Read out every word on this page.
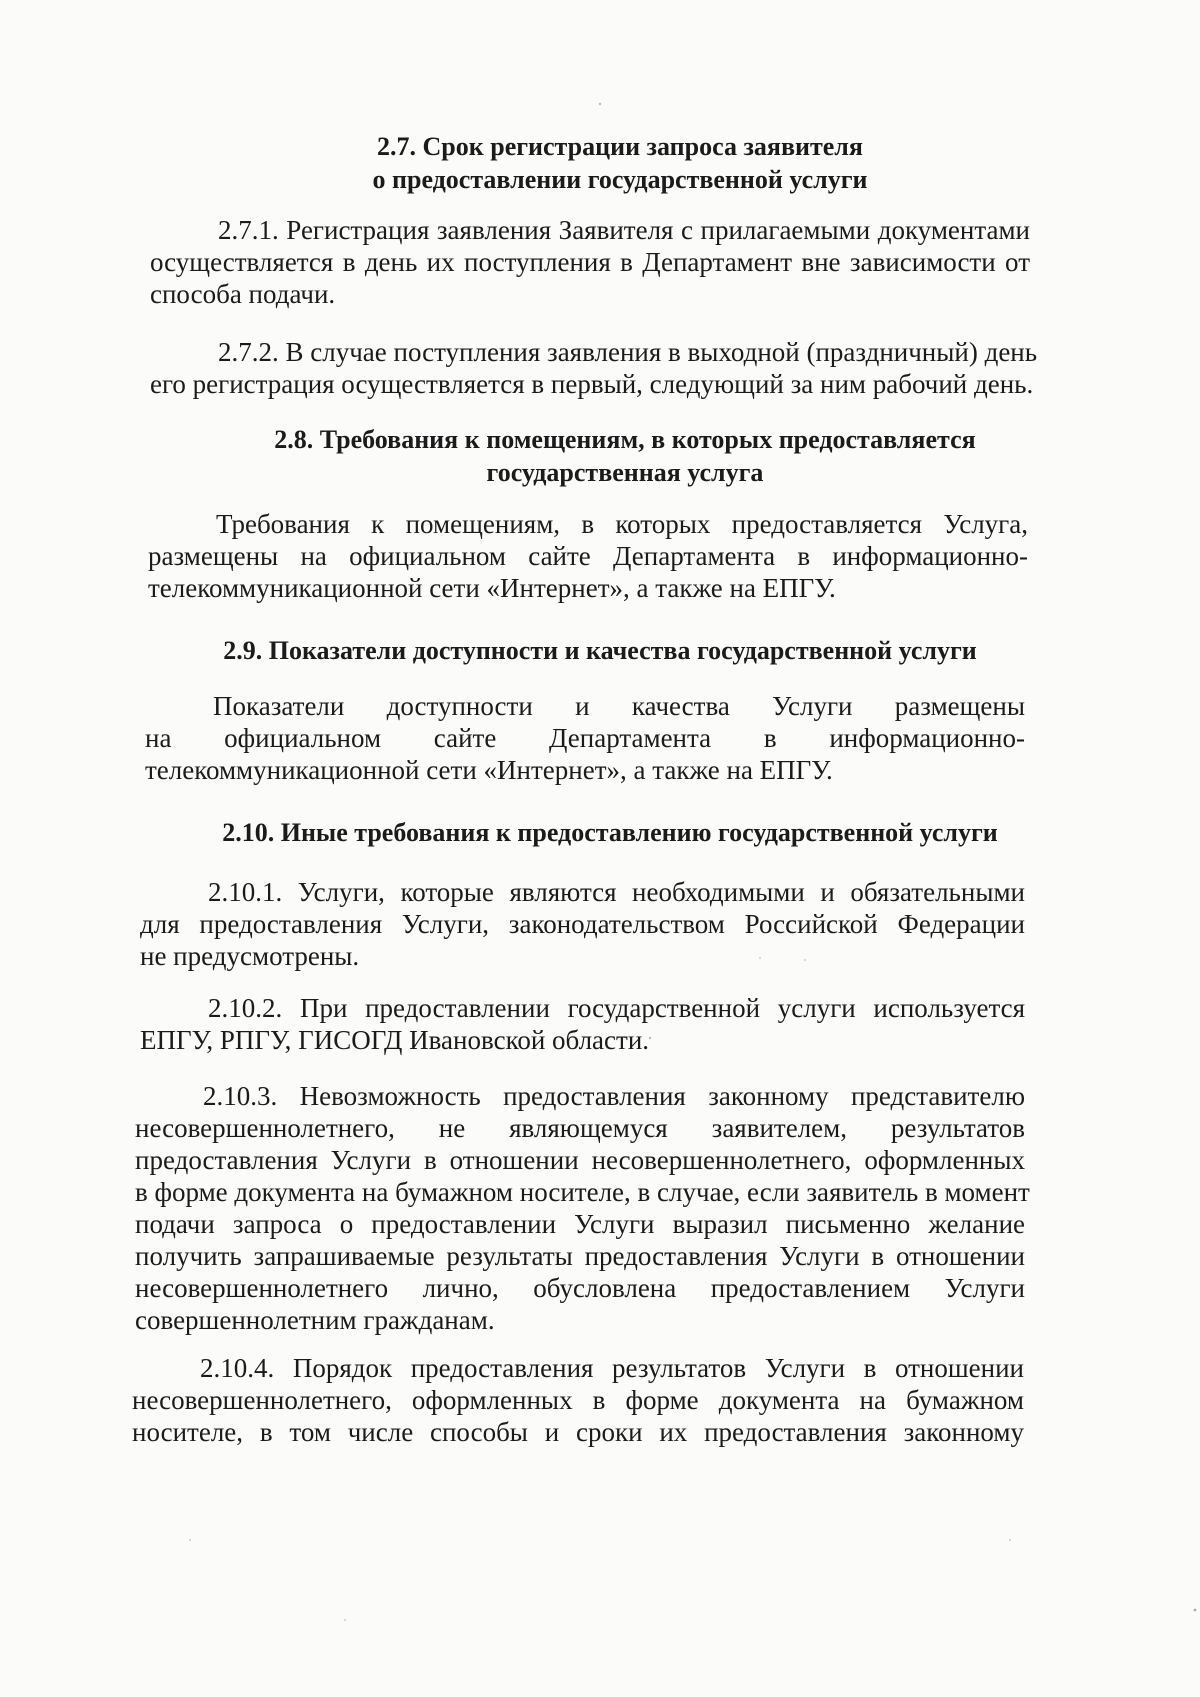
2.7. Срок регистрации запроса заявителя
о предоставлении государственной услуги
2.7.1. Регистрация заявления Заявителя с прилагаемыми документами
осуществляется в день их поступления в Департамент вне зависимости от
способа подачи.
2.7.2. В случае поступления заявления в выходной (праздничный) день
его регистрация осуществляется в первый, следующий за ним рабочий день.
2.8. Требования к помещениям, в которых предоставляется
государственная услуга
Требования к помещениям, в которых предоставляется Услуга,
размещены на официальном сайте Департамента в информационно-
телекоммуникационной сети «Интернет», а также на ЕПГУ.
2.9. Показатели доступности и качества государственной услуги
Показатели доступности и качества Услуги размещены
на официальном сайте Департамента в информационно-
телекоммуникационной сети «Интернет», а также на ЕПГУ.
2.10. Иные требования к предоставлению государственной услуги
2.10.1. Услуги, которые являются необходимыми и обязательными
для предоставления Услуги, законодательством Российской Федерации
не предусмотрены.
2.10.2. При предоставлении государственной услуги используется
ЕПГУ, РПГУ, ГИСОГД Ивановской области.
2.10.3. Невозможность предоставления законному представителю
несовершеннолетнего, не являющемуся заявителем, результатов
предоставления Услуги в отношении несовершеннолетнего, оформленных
в форме документа на бумажном носителе, в случае, если заявитель в момент
подачи запроса о предоставлении Услуги выразил письменно желание
получить запрашиваемые результаты предоставления Услуги в отношении
несовершеннолетнего лично, обусловлена предоставлением Услуги
совершеннолетним гражданам.
2.10.4. Порядок предоставления результатов Услуги в отношении
несовершеннолетнего, оформленных в форме документа на бумажном
носителе, в том числе способы и сроки их предоставления законному
